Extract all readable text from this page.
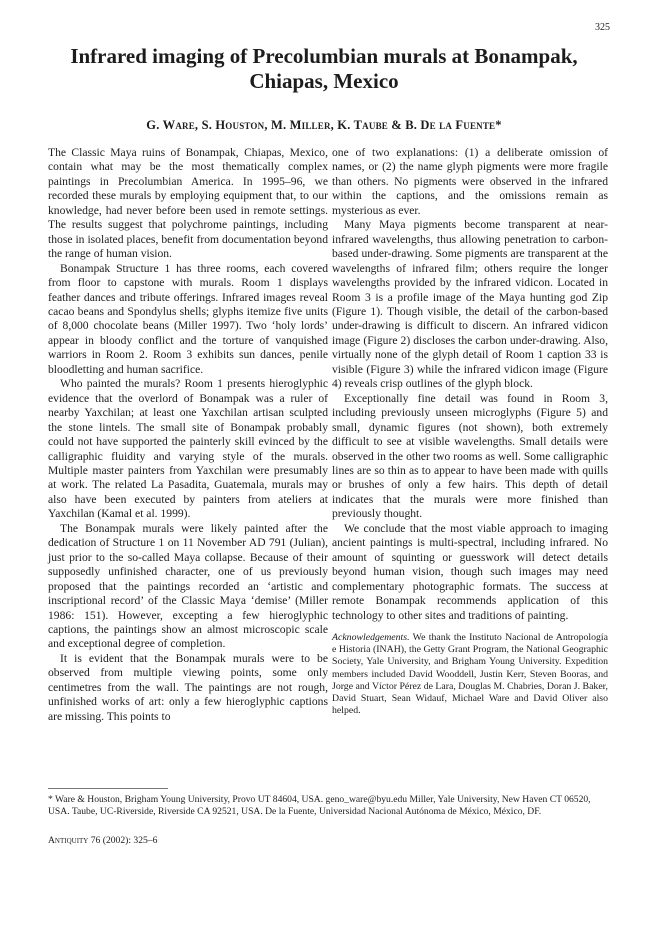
325
Infrared imaging of Precolumbian murals at Bonampak, Chiapas, Mexico
G. Ware, S. Houston, M. Miller, K. Taube & B. De la Fuente*

The Classic Maya ruins of Bonampak, Chiapas, Mexico, contain what may be the most thematically complex paintings in Precolumbian America. In 1995–96, we recorded these murals by employing equipment that, to our knowledge, had never before been used in remote settings. The results suggest that polychrome paintings, including those in isolated places, benefit from documentation beyond the range of human vision.

Bonampak Structure 1 has three rooms, each covered from floor to capstone with murals. Room 1 displays feather dances and tribute offerings. Infrared images reveal cacao beans and Spondylus shells; glyphs itemize five units of 8,000 chocolate beans (Miller 1997). Two ‘holy lords’ appear in bloody conflict and the torture of vanquished warriors in Room 2. Room 3 exhibits sun dances, penile bloodletting and human sacrifice.

Who painted the murals? Room 1 presents hieroglyphic evidence that the overlord of Bonampak was a ruler of nearby Yaxchilan; at least one Yaxchilan artisan sculpted the stone lintels. The small site of Bonampak probably could not have supported the painterly skill evinced by the calligraphic fluidity and varying style of the murals. Multiple master painters from Yaxchilan were presumably at work. The related La Pasadita, Guatemala, murals may also have been executed by painters from ateliers at Yaxchilan (Kamal et al. 1999).

The Bonampak murals were likely painted after the dedication of Structure 1 on 11 November AD 791 (Julian), just prior to the so-called Maya collapse. Because of their supposedly unfinished character, one of us previously proposed that the paintings recorded an ‘artistic and inscriptional record’ of the Classic Maya ‘demise’ (Miller 1986: 151). However, excepting a few hieroglyphic captions, the paintings show an almost microscopic scale and exceptional degree of completion.

It is evident that the Bonampak murals were to be observed from multiple viewing points, some only centimetres from the wall. The paintings are not rough, unfinished works of art: only a few hieroglyphic captions are missing. This points to

one of two explanations: (1) a deliberate omission of names, or (2) the name glyph pigments were more fragile than others. No pigments were observed in the infrared within the captions, and the omissions remain as mysterious as ever.

Many Maya pigments become transparent at near-infrared wavelengths, thus allowing penetration to carbon-based under-drawing. Some pigments are transparent at the wavelengths of infrared film; others require the longer wavelengths provided by the infrared vidicon. Located in Room 3 is a profile image of the Maya hunting god Zip (Figure 1). Though visible, the detail of the carbon-based under-drawing is difficult to discern. An infrared vidicon image (Figure 2) discloses the carbon under-drawing. Also, virtually none of the glyph detail of Room 1 caption 33 is visible (Figure 3) while the infrared vidicon image (Figure 4) reveals crisp outlines of the glyph block.

Exceptionally fine detail was found in Room 3, including previously unseen microglyphs (Figure 5) and small, dynamic figures (not shown), both extremely difficult to see at visible wavelengths. Small details were observed in the other two rooms as well. Some calligraphic lines are so thin as to appear to have been made with quills or brushes of only a few hairs. This depth of detail indicates that the murals were more finished than previously thought.

We conclude that the most viable approach to imaging ancient paintings is multi-spectral, including infrared. No amount of squinting or guesswork will detect details beyond human vision, though such images may need complementary photographic formats. The success at remote Bonampak recommends application of this technology to other sites and traditions of painting.

Acknowledgements. We thank the Instituto Nacional de Antropología e Historia (INAH), the Getty Grant Program, the National Geographic Society, Yale University, and Brigham Young University. Expedition members included David Wooddell, Justin Kerr, Steven Booras, and Jorge and Víctor Pérez de Lara, Douglas M. Chabries, Doran J. Baker, David Stuart, Sean Widauf, Michael Ware and David Oliver also helped.
* Ware & Houston, Brigham Young University, Provo UT 84604, USA. geno_ware@byu.edu Miller, Yale University, New Haven CT 06520, USA. Taube, UC-Riverside, Riverside CA 92521, USA. De la Fuente, Universidad Nacional Autónoma de México, México, DF.
Antiquity 76 (2002): 325–6
